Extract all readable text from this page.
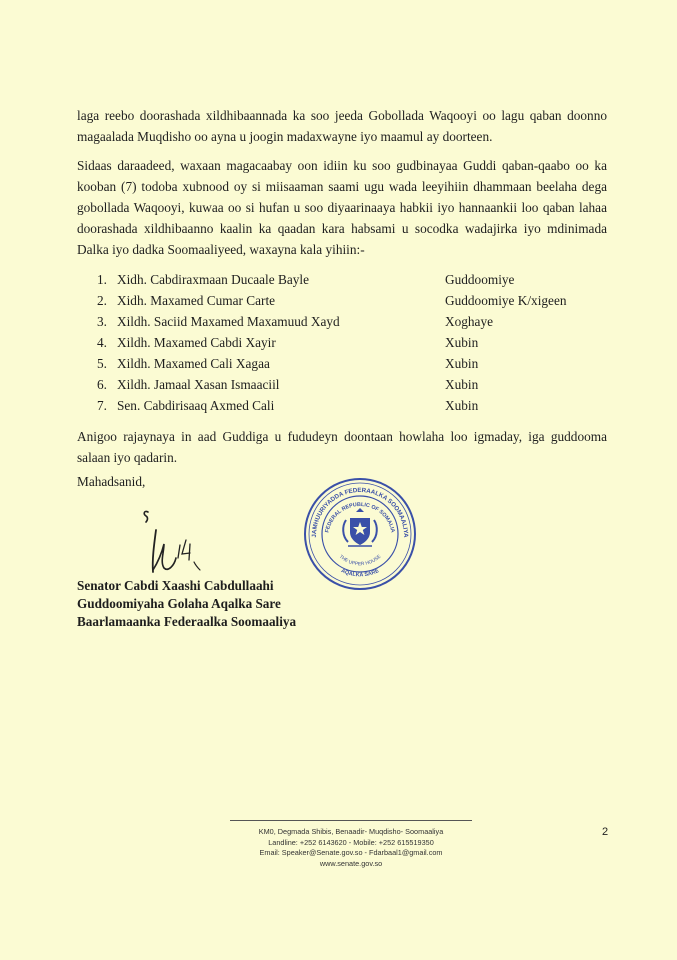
laga reebo doorashada xildhibaannada ka soo jeeda Gobollada Waqooyi oo lagu qaban doonno magaalada Muqdisho oo ayna u joogin madaxwayne iyo maamul ay doorteen.

Sidaas daraadeed, waxaan magacaabay oon idiin ku soo gudbinayaa Guddi qaban-qaabo oo ka kooban (7) todoba xubnood oy si miisaaman saami ugu wada leeyihiin dhammaan beelaha dega gobollada Waqooyi, kuwaa oo si hufan u soo diyaarinaaya habkii iyo hannaankii loo qaban lahaa doorashada xildhibaanno kaalin ka qaadan kara habsami u socodka wadajirka iyo mdinimada Dalka iyo dadka Soomaaliyeed, waxayna kala yihiin:-

1. Xidh. Cabdiraxmaan Ducaale Bayle	Guddoomiye
2. Xidh. Maxamed Cumar Carte	Guddoomiye K/xigeen
3. Xildh. Saciid Maxamed Maxamuud Xayd	Xoghaye
4. Xildh. Maxamed Cabdi Xayir	Xubin
5. Xildh. Maxamed Cali Xagaa	Xubin
6. Xildh. Jamaal Xasan Ismaaciil	Xubin
7. Sen. Cabdirisaaq Axmed Cali	Xubin

Anigoo rajaynaya in aad Guddiga u fududeyn doontaan howlaha loo igmaday, iga guddooma salaan iyo qadarin.

Mahadsanid,

JAMHUURIYADDA FEDERAALKA SOOMAALIYA
FEDERAL REPUBLIC OF SOMALIA
THE UPPER HOUSE
AQALKA SARE
Senator Cabdi Xaashi Cabdullaahi
Guddoomiyaha Golaha Aqalka Sare
Baarlamaanka Federaalka Soomaaliya
KM0, Degmada Shibis, Benaadir- Muqdisho- Soomaaliya
Landline: +252 6143620 - Mobile: +252 615519350
Email: Speaker@Senate.gov.so - Fdarbaal1@gmail.com
www.senate.gov.so
2
